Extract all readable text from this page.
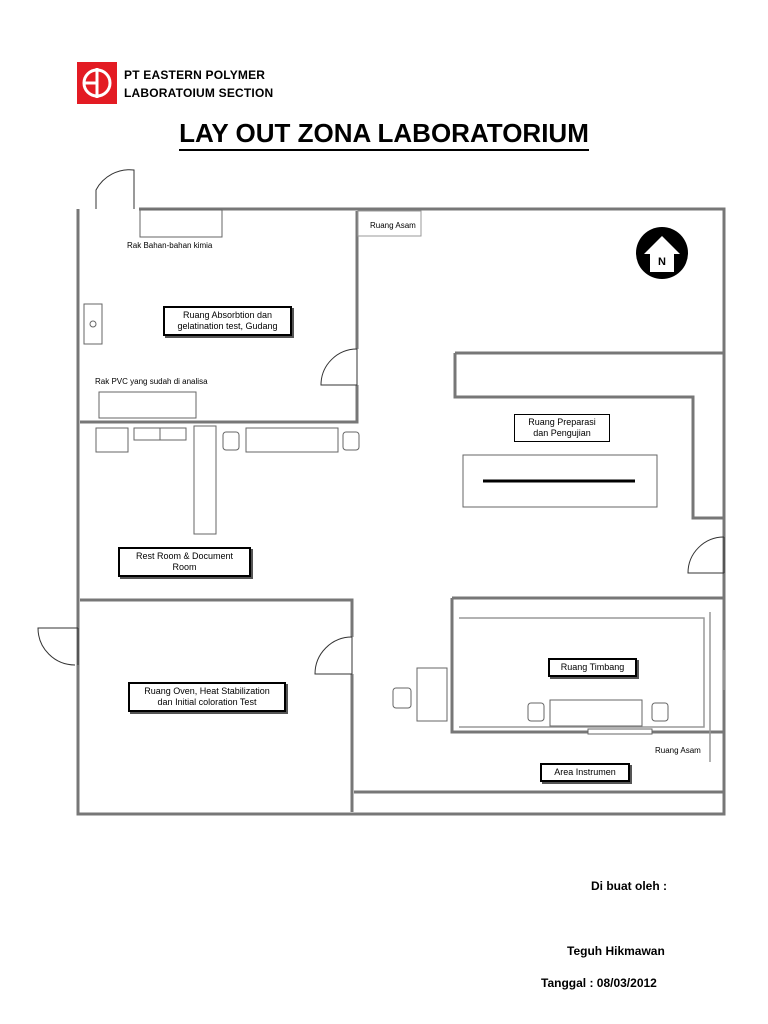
PT EASTERN POLYMER
LABORATOIUM SECTION
LAY OUT ZONA LABORATORIUM
N
Ruang Asam
Rak Bahan-bahan kimia
Rak PVC yang sudah di analisa
Ruang Asam
Ruang Absorbtion dan
gelatination test, Gudang
Ruang Preparasi
dan Pengujian
Rest Room & Document
Room
Ruang Oven, Heat Stabilization
dan Initial coloration Test
Ruang Timbang
Area Instrumen
Di buat oleh :
Teguh Hikmawan
Tanggal : 08/03/2012
